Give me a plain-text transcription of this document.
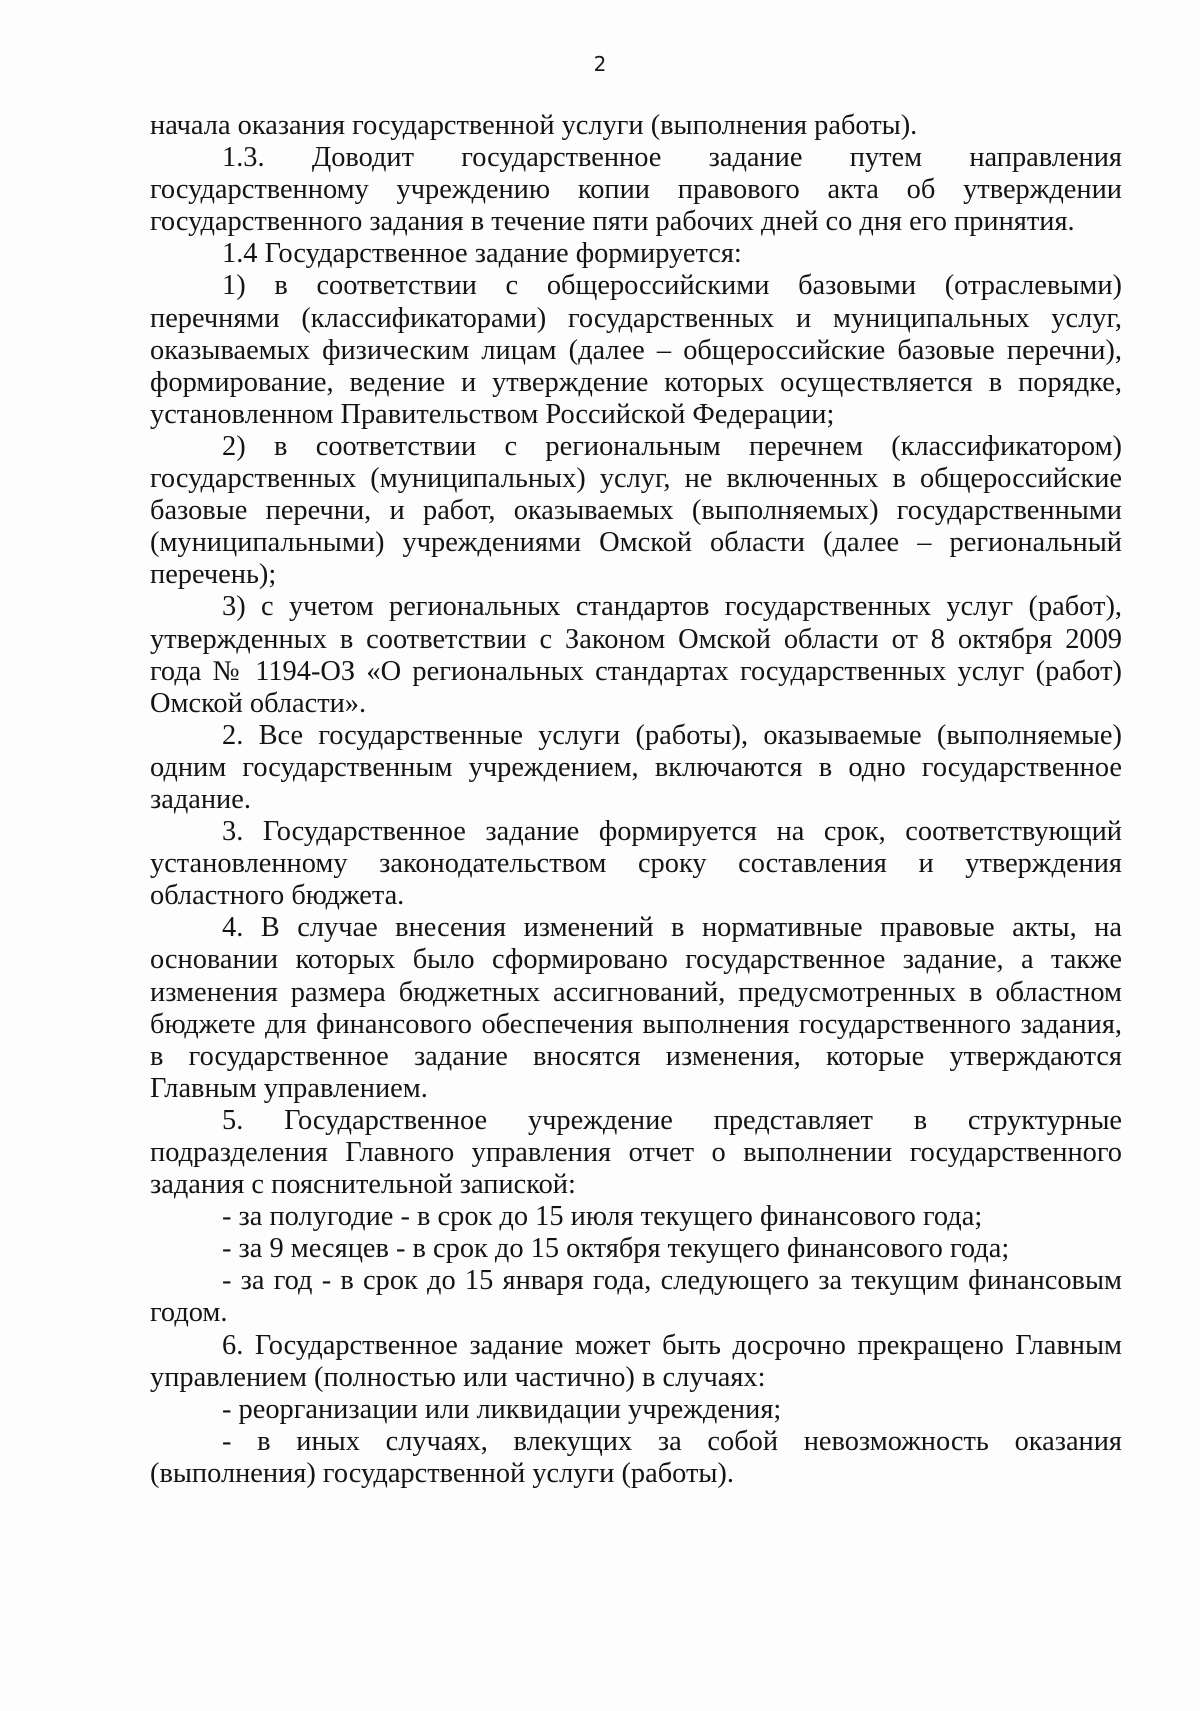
2

начала оказания государственной услуги (выполнения работы).

1.3. Доводит государственное задание путем направления государственному учреждению копии правового акта об утверждении государственного задания в течение пяти рабочих дней со дня его принятия.

1.4 Государственное задание формируется:

1) в соответствии с общероссийскими базовыми (отраслевыми) перечнями (классификаторами) государственных и муниципальных услуг, оказываемых физическим лицам (далее – общероссийские базовые перечни), формирование, ведение и утверждение которых осуществляется в порядке, установленном Правительством Российской Федерации;

2) в соответствии с региональным перечнем (классификатором) государственных (муниципальных) услуг, не включенных в общероссийские базовые перечни, и работ, оказываемых (выполняемых) государственными (муниципальными) учреждениями Омской области (далее – региональный перечень);

3) с учетом региональных стандартов государственных услуг (работ), утвержденных в соответствии с Законом Омской области от 8 октября 2009 года № 1194-ОЗ «О региональных стандартах государственных услуг (работ) Омской области».

2. Все государственные услуги (работы), оказываемые (выполняемые) одним государственным учреждением, включаются в одно государственное задание.

3. Государственное задание формируется на срок, соответствующий установленному законодательством сроку составления и утверждения областного бюджета.

4. В случае внесения изменений в нормативные правовые акты, на основании которых было сформировано государственное задание, а также изменения размера бюджетных ассигнований, предусмотренных в областном бюджете для финансового обеспечения выполнения государственного задания, в государственное задание вносятся изменения, которые утверждаются Главным управлением.

5. Государственное учреждение представляет в структурные подразделения Главного управления отчет о выполнении государственного задания с пояснительной запиской:

- за полугодие - в срок до 15 июля текущего финансового года;

- за 9 месяцев - в срок до 15 октября текущего финансового года;

- за год - в срок до 15 января года, следующего за текущим финансовым годом.

6. Государственное задание может быть досрочно прекращено Главным управлением (полностью или частично) в случаях:

- реорганизации или ликвидации учреждения;

- в иных случаях, влекущих за собой невозможность оказания (выполнения) государственной услуги (работы).
